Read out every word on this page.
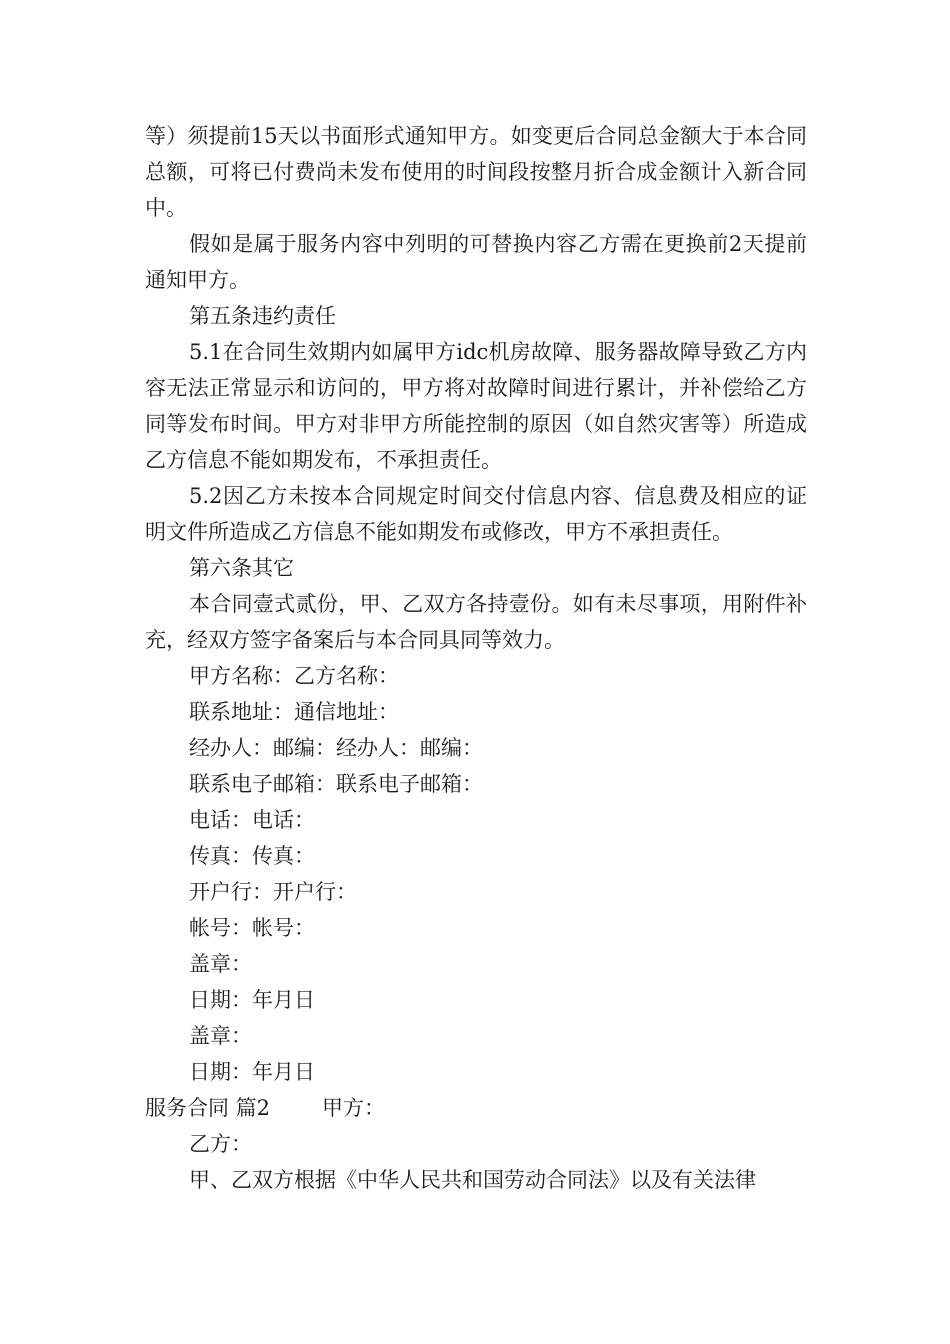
等）须提前15天以书面形式通知甲方。如变更后合同总金额大于本合同总额，可将已付费尚未发布使用的时间段按整月折合成金额计入新合同中。

假如是属于服务内容中列明的可替换内容乙方需在更换前2天提前通知甲方。

第五条违约责任

5.1在合同生效期内如属甲方idc机房故障、服务器故障导致乙方内容无法正常显示和访问的，甲方将对故障时间进行累计，并补偿给乙方同等发布时间。甲方对非甲方所能控制的原因（如自然灾害等）所造成乙方信息不能如期发布，不承担责任。

5.2因乙方未按本合同规定时间交付信息内容、信息费及相应的证明文件所造成乙方信息不能如期发布或修改，甲方不承担责任。

第六条其它

本合同壹式贰份，甲、乙双方各持壹份。如有未尽事项，用附件补充，经双方签字备案后与本合同具同等效力。

甲方名称：乙方名称：

联系地址：通信地址：

经办人：邮编：经办人：邮编：

联系电子邮箱：联系电子邮箱：

电话：电话：

传真：传真：

开户行：开户行：

帐号：帐号：

盖章：

日期：年月日

盖章：

日期：年月日

服务合同 篇2 甲方：

乙方：

甲、乙双方根据《中华人民共和国劳动合同法》以及有关法律
